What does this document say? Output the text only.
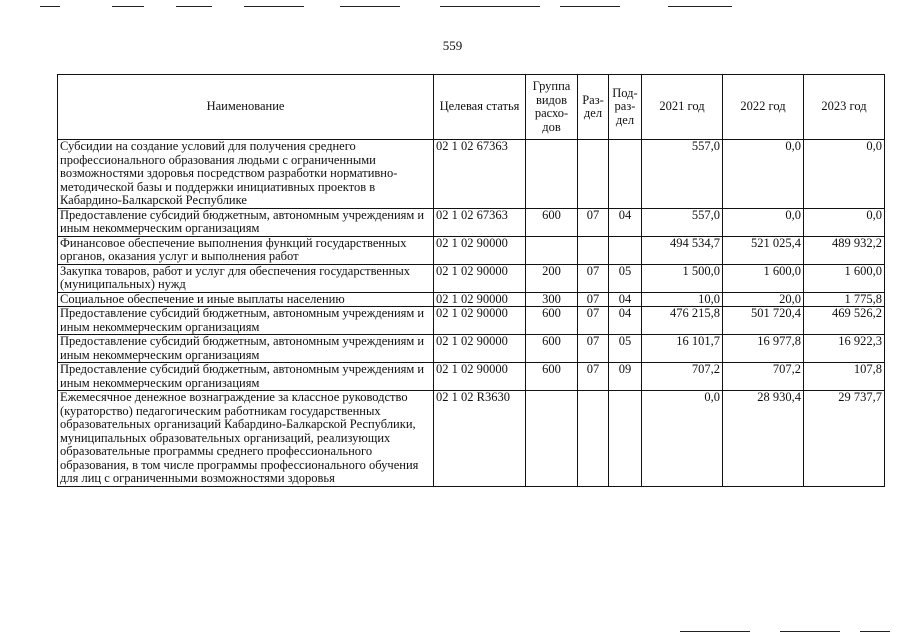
559
Наименование	Целевая статья	Группа видов расхо-дов	Раз-дел	Под-раз-дел	2021 год	2022 год	2023 год
Субсидии на создание условий для получения среднего профессионального образования людьми с ограниченными возможностями здоровья посредством разработки нормативно-методической базы и поддержки инициативных проектов в Кабардино-Балкарской Республике	02 1 02 67363				557,0	0,0	0,0
Предоставление субсидий бюджетным, автономным учреждениям и иным некоммерческим организациям	02 1 02 67363	600	07	04	557,0	0,0	0,0
Финансовое обеспечение выполнения функций государственных органов, оказания услуг и выполнения работ	02 1 02 90000				494 534,7	521 025,4	489 932,2
Закупка товаров, работ и услуг для обеспечения государственных (муниципальных) нужд	02 1 02 90000	200	07	05	1 500,0	1 600,0	1 600,0
Социальное обеспечение и иные выплаты населению	02 1 02 90000	300	07	04	10,0	20,0	1 775,8
Предоставление субсидий бюджетным, автономным учреждениям и иным некоммерческим организациям	02 1 02 90000	600	07	04	476 215,8	501 720,4	469 526,2
Предоставление субсидий бюджетным, автономным учреждениям и иным некоммерческим организациям	02 1 02 90000	600	07	05	16 101,7	16 977,8	16 922,3
Предоставление субсидий бюджетным, автономным учреждениям и иным некоммерческим организациям	02 1 02 90000	600	07	09	707,2	707,2	107,8
Ежемесячное денежное вознаграждение за классное руководство (кураторство) педагогическим работникам государственных образовательных организаций Кабардино-Балкарской Республики, муниципальных образовательных организаций, реализующих образовательные программы среднего профессионального образования, в том числе программы профессионального обучения для лиц с ограниченными возможностями здоровья	02 1 02 R3630				0,0	28 930,4	29 737,7
